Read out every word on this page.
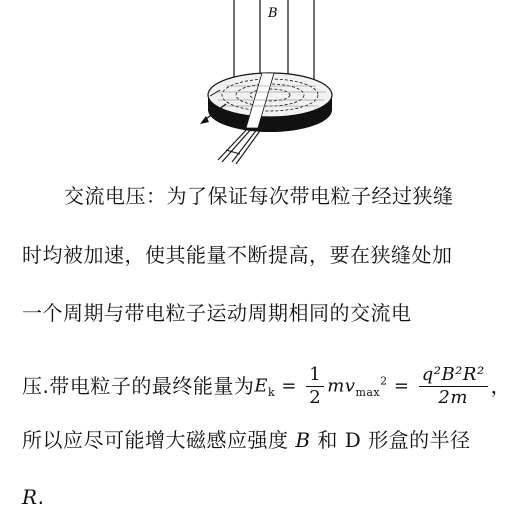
B
交流电压：为了保证每次带电粒子经过狭缝
时均被加速，使其能量不断提高，要在狭缝处加
一个周期与带电粒子运动周期相同的交流电
压.带电粒子的最终能量为 $E_k = \frac{1}{2} mv_{max}^2 = \frac{\text{q²B²R²}}{2m}$ ，
所以应尽可能增大磁感应强度 B 和 D 形盒的半径
R.
